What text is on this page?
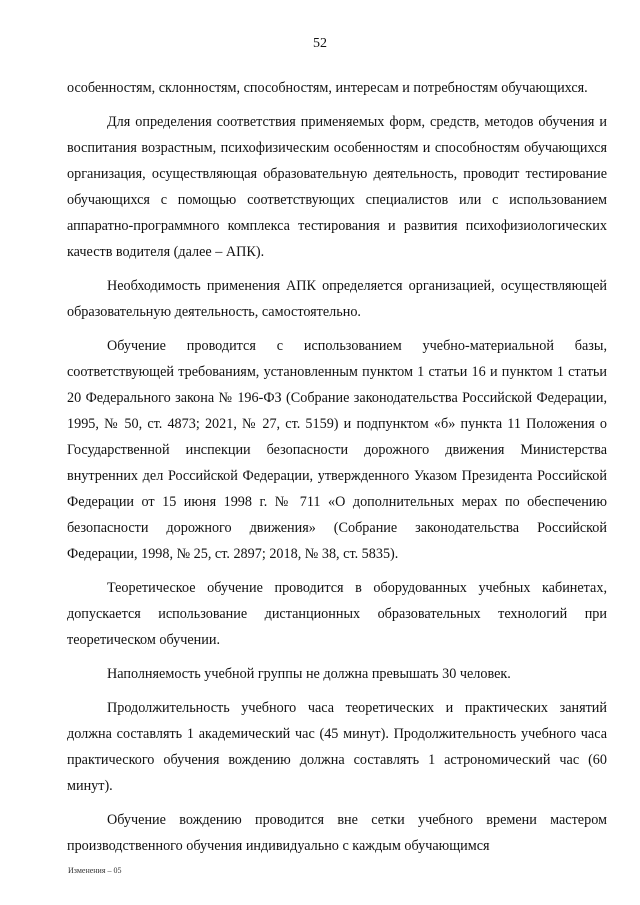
52

особенностям, склонностям, способностям, интересам и потребностям обучающихся.

Для определения соответствия применяемых форм, средств, методов обучения и воспитания возрастным, психофизическим особенностям и способностям обучающихся организация, осуществляющая образовательную деятельность, проводит тестирование обучающихся с помощью соответствующих специалистов или с использованием аппаратно-программного комплекса тестирования и развития психофизиологических качеств водителя (далее – АПК).

Необходимость применения АПК определяется организацией, осуществляющей образовательную деятельность, самостоятельно.

Обучение проводится с использованием учебно-материальной базы, соответствующей требованиям, установленным пунктом 1 статьи 16 и пунктом 1 статьи 20 Федерального закона № 196-ФЗ (Собрание законодательства Российской Федерации, 1995, № 50, ст. 4873; 2021, № 27, ст. 5159) и подпунктом «б» пункта 11 Положения о Государственной инспекции безопасности дорожного движения Министерства внутренних дел Российской Федерации, утвержденного Указом Президента Российской Федерации от 15 июня 1998 г. № 711 «О дополнительных мерах по обеспечению безопасности дорожного движения» (Собрание законодательства Российской Федерации, 1998, № 25, ст. 2897; 2018, № 38, ст. 5835).

Теоретическое обучение проводится в оборудованных учебных кабинетах, допускается использование дистанционных образовательных технологий при теоретическом обучении.

Наполняемость учебной группы не должна превышать 30 человек.

Продолжительность учебного часа теоретических и практических занятий должна составлять 1 академический час (45 минут). Продолжительность учебного часа практического обучения вождению должна составлять 1 астрономический час (60 минут).

Обучение вождению проводится вне сетки учебного времени мастером производственного обучения индивидуально с каждым обучающимся

Изменения – 05
